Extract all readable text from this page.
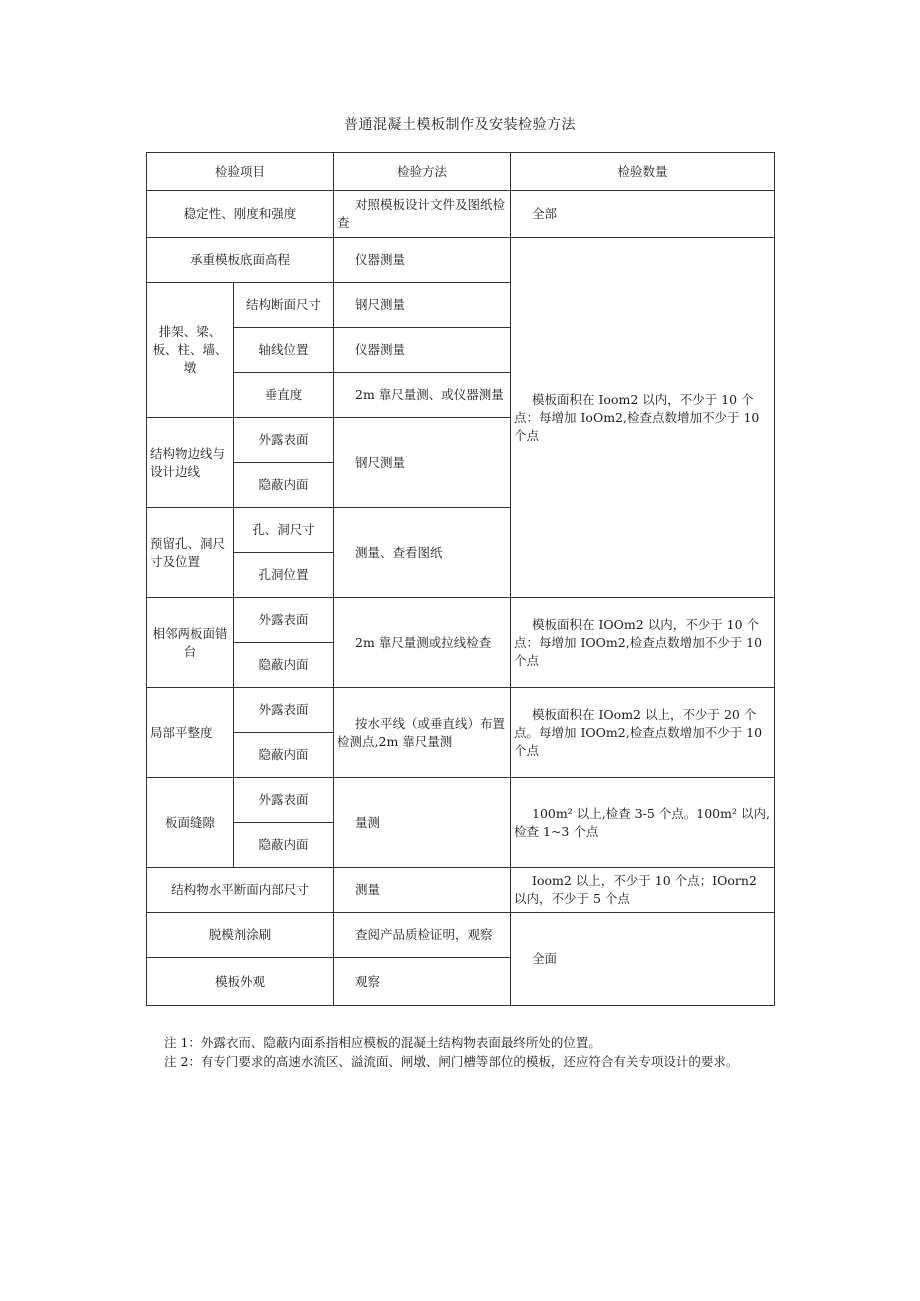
普通混凝土模板制作及安装检验方法
检验项目		检验方法	检验数量
稳定性、刚度和强度		对照模板设计文件及图纸检查	全部
承重模板底面高程		仪器测量	模板面积在 Ioom2 以内，不少于 10 个点：每增加 IoOm2,检查点数增加不少于 10 个点
排架、梁、板、柱、墙、墩	结构断面尺寸	钢尺测量	
	轴线位置	仪器测量	
	垂直度	2m 靠尺量测、或仪器测量	
结构物边线与设计边线	外露表面	钢尺测量	
	隐蔽内面		
预留孔、洞尺寸及位置	孔、洞尺寸	测量、查看图纸	
	孔洞位置		
相邻两板面错台	外露表面	2m 靠尺量测或拉线检查	模板面积在 IOOm2 以内，不少于 10 个点：每增加 IOOm2,检查点数增加不少于 10 个点
	隐蔽内面		
局部平整度	外露表面	按水平线（或垂直线）布置检测点,2m 靠尺量测	模板面积在 IOom2 以上，不少于 20 个点。每增加 IOOm2,检查点数增加不少于 10 个点
	隐蔽内面		
板面缝隙	外露表面	量测	100m² 以上,检查 3-5 个点。100m² 以内,检查 1~3 个点
	隐蔽内面		
结构物水平断面内部尺寸		测量	Ioom2 以上，不少于 10 个点；IOorn2 以内，不少于 5 个点
脱模剂涂刷		查阅产品质检证明，观察	全面
模板外观		观察	

注 1：外露衣而、隐蔽内面系指相应模板的混凝土结构物表面最终所处的位置。

注 2：有专门要求的高速水流区、溢流面、闸墩、闸门槽等部位的模板，还应符合有关专项设计的要求。
